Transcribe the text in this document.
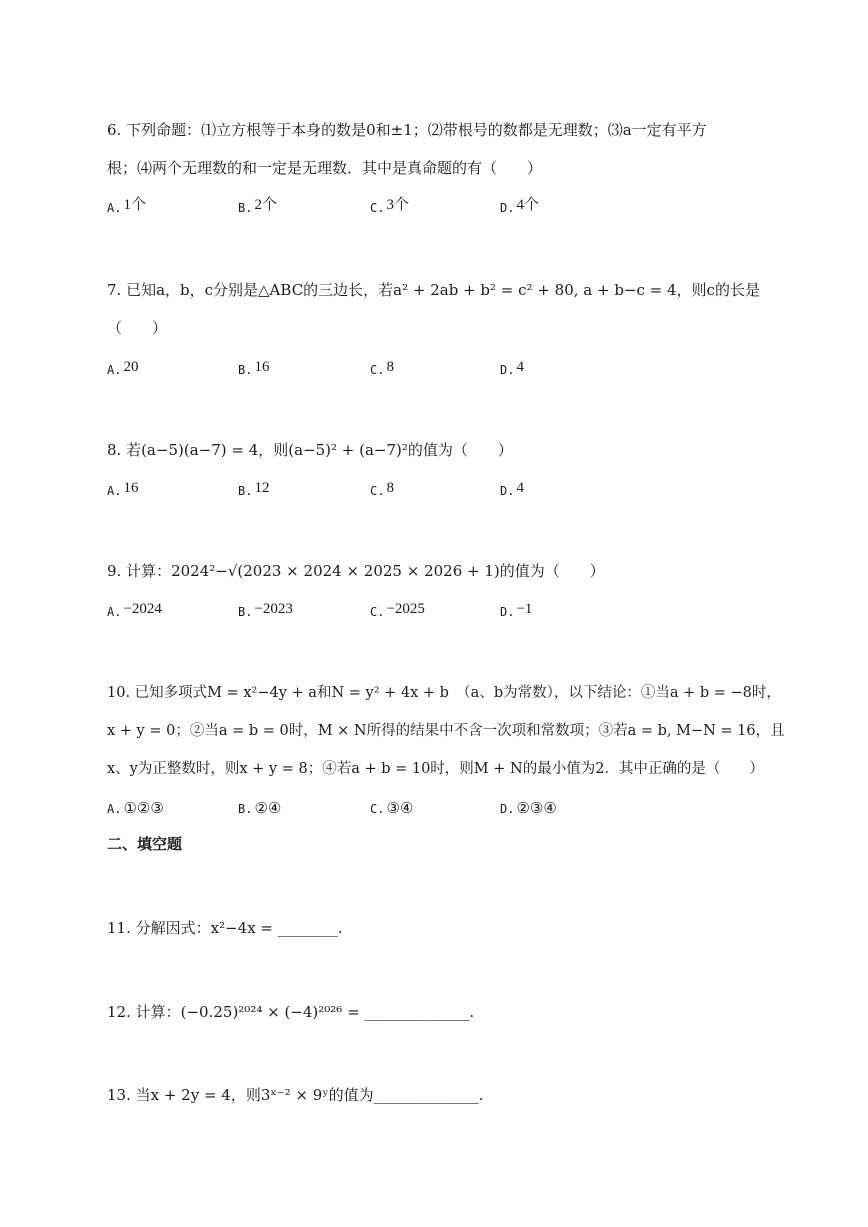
6. 下列命题：⑴立方根等于本身的数是0和±1；⑵带根号的数都是无理数；⑶a一定有平方
根；⑷两个无理数的和一定是无理数．其中是真命题的有（　　）
A. 1个	B. 2个	C. 3个	D. 4个
7. 已知a，b，c分别是△ABC的三边长，若a² + 2ab + b² = c² + 80, a + b−c = 4，则c的长是
（　　）
A. 20	B. 16	C. 8	D. 4
8. 若(a−5)(a−7) = 4，则(a−5)² + (a−7)²的值为（　　）
A. 16	B. 12	C. 8	D. 4
9. 计算：2024²−√(2023 × 2024 × 2025 × 2026 + 1)的值为（　　）
A. −2024	B. −2023	C. −2025	D. −1
10. 已知多项式M = x²−4y + a和N = y² + 4x + b　（a、b为常数），以下结论：①当a + b = −8时，
x + y = 0；②当a = b = 0时，M × N所得的结果中不含一次项和常数项；③若a = b, M−N = 16，且
x、y为正整数时，则x + y = 8；④若a + b = 10时，则M + N的最小值为2．其中正确的是（　　）
A. ①②③	B. ②④	C. ③④	D. ②③④
二、填空题
11. 分解因式：x²−4x = ________.
12. 计算：(−0.25)²⁰²⁴ × (−4)²⁰²⁶ = ______________.
13. 当x + 2y = 4，则3ˣ⁻² × 9ʸ的值为______________.
